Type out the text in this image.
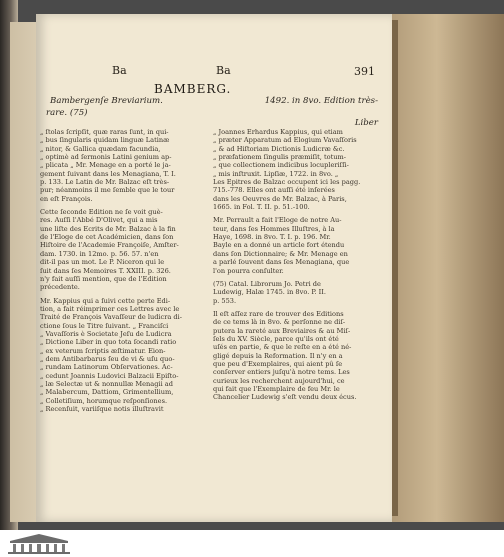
Ba	Ba	391
BAMBERG.
Bambergenſe Breviarium.	1492. in 8vo. Edition très-
rare. (75)
Liber

„ ſtolas ſcripſit, quæ raras ſunt, in qui-
„ bus ſingularis quidam linguæ Latinæ
„ nitor, & Gallica quædam facundia,
„ optimè ad ſermonis Latini genium ap-
„ plicata „ Mr. Menage en a porté le ja-
gement ſuivant dans les Menagiana, T. I.
p. 133. Le Latin de Mr. Balzac eſt très-
pur; néanmoins il me ſemble que le tour
en eſt François.

Cette ſeconde Edition ne ſe voit guè-
res. Auſſi l'Abbé D'Olivet, qui a mis
une liſte des Ecrits de Mr. Balzac à la fin
de l'Eloge de cet Académicien, dans ſon
Hiſtoire de l'Academie Françoiſe, Amſter-
dam. 1730. in 12mo. p. 56. 57. n'en
dit-il pas un mot. Le P. Niceron qui le
ſuit dans ſes Memoires T. XXIII. p. 326.
n'y fait auſſi mention, que de l'Edition
précedente.

Mr. Kappius qui a ſuivi cette perte Edi-
tion, a fait réimprimer ces Lettres avec le
Traité de François Vavaſſeur de ludicra di-
ctione ſous le Titre ſuivant. „ Franciſci
„ Vavaſſoris è Societate Jeſu de Ludicra
„ Dictione Liber in quo tota ſocandi ratio
„ ex veterum ſcriptis æſtimatur. Eion-
„ dem Antibarbarus ſeu de vi & uſu quo-
„ rundam Latinorum Obſervationes. Ac-
„ cedunt Joannis Ludovici Balzacii Epiſto-
„ læ Selectæ ut & nonnullæ Menagii ad
„ Malabercum, Dattiom, Grimentellium,
„ Colletiſium, horumque reſponſiones.
„ Recenſuit, variiſque notis illuſtravit

„ Joannes Erhardus Kappius, qui etiam
„ præter Apparatum ad Elogium Vavaſſoris
„ & ad Hiſtoriam Dictionis Ludicræ &c.
„ præfationem ſingulis præmiſit, totum-
„ que collectionem indicibus locupleriſſi-
„ mis inſtruxit. Lipſiæ, 1722. in 8vo. „
Les Epitres de Balzac occupent ici les pagg.
715.-778. Elles ont auſſi été inſerées
dans les Oeuvres de Mr. Balzac, à Paris,
1665. in Fol. T. II. p. 51.-100.

Mr. Perrault a fait l'Eloge de notre Au-
teur, dans ſes Hommes Illuſtres, à la
Haye, 1698. in 8vo. T. I. p. 196. Mr.
Bayle en a donné un article fort étendu
dans ſon Dictionnaire; & Mr. Menage en
a parlé ſouvent dans ſes Menagiana, que
l'on pourra conſulter.

(75) Catal. Librorum Jo. Petri de
Ludewig, Halæ 1745. in 8vo. P. II.
p. 553.

Il eſt aſſez rare de trouver des Editions
de ce tems là in 8vo. & perſonne ne diſ-
putera la rareté aux Breviaires & au Miſ-
ſels du XV. Siècle, parce qu'ils ont été
uſés en partie, & que le reſte en a été né-
gligé depuis la Reformation. Il n'y en a
que peu d'Exemplaires, qui aient pû ſe
conſerver entiers juſqu'à notre tems. Les
curieux les recherchent aujourd'hui, ce
qui fait que l'Exemplaire de feu Mr. le
Chancelier Ludewig s'eſt vendu deux écus.
